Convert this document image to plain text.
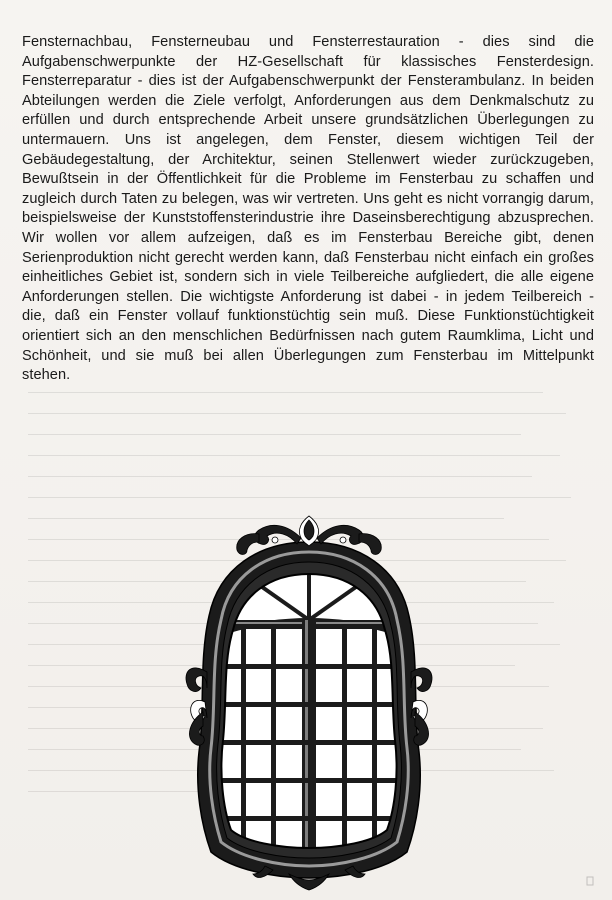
Fensternachbau, Fensterneubau und Fensterrestauration - dies sind die
Aufgabenschwerpunkte der HZ-Gesellschaft für klassisches Fensterdesign.
Fensterreparatur - dies ist der Aufgabenschwerpunkt der Fensterambulanz. In beiden
Abteilungen werden die Ziele verfolgt, Anforderungen aus dem Denkmalschutz zu
erfüllen und durch entsprechende Arbeit unsere grundsätzlichen Überlegungen zu
untermauern. Uns ist angelegen, dem Fenster, diesem wichtigen Teil der
Gebäudegestaltung, der Architektur, seinen Stellenwert wieder zurückzugeben,
Bewußtsein in der Öffentlichkeit für die Probleme im Fensterbau zu schaffen und
zugleich durch Taten zu belegen, was wir vertreten. Uns geht es nicht vorrangig darum,
beispielsweise der Kunststoffensterindustrie ihre Daseinsberechtigung abzusprechen.
Wir wollen vor allem aufzeigen, daß es im Fensterbau Bereiche gibt, denen
Serienproduktion nicht gerecht werden kann, daß Fensterbau nicht einfach ein großes
einheitliches Gebiet ist, sondern sich in viele Teilbereiche aufgliedert, die alle eigene
Anforderungen stellen. Die wichtigste Anforderung ist dabei - in jedem Teilbereich -
die, daß ein Fenster vollauf funktionstüchtig sein muß. Diese Funktionstüchtigkeit
orientiert sich an den menschlichen Bedürfnissen nach gutem Raumklima, Licht und
Schönheit, und sie muß bei allen Überlegungen zum Fensterbau im Mittelpunkt
stehen.
